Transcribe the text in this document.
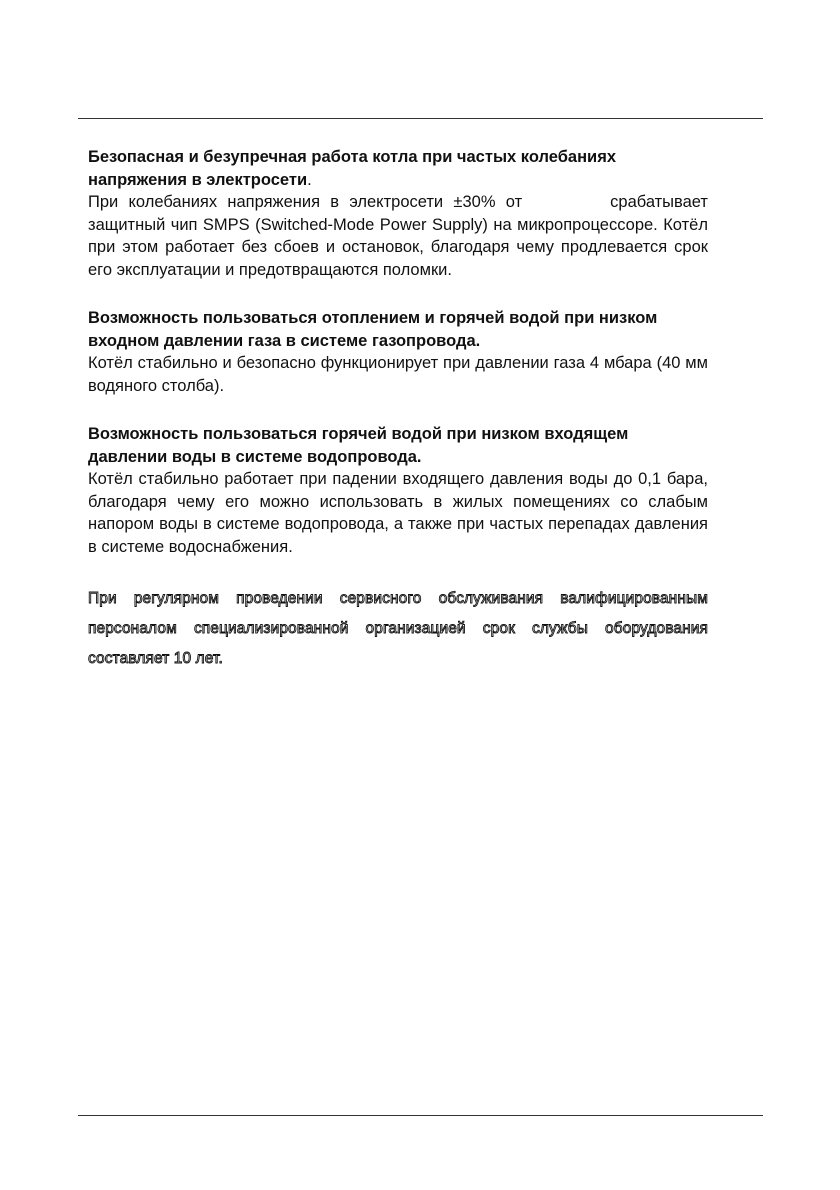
Безопасная и безупречная работа котла при частых колебаниях напряжения в электросети.

При колебаниях напряжения в электросети ±30% от	срабатывает защитный чип SMPS (Switched-Mode Power Supply) на микропроцессоре. Котёл при этом работает без сбоев и остановок, благодаря чему продлевается срок его эксплуатации и предотвращаются поломки.

Возможность пользоваться отоплением и горячей водой при низком входном давлении газа в системе газопровода.

Котёл стабильно и безопасно функционирует при давлении газа 4 мбара (40 мм водяного столба).

Возможность пользоваться горячей водой при низком входящем давлении воды в системе водопровода.

Котёл стабильно работает при падении входящего давления воды до 0,1 бара, благодаря чему его можно использовать в жилых помещениях со слабым напором воды в системе водопровода, а также при частых перепадах давления в системе водоснабжения.

При регулярном проведении сервисного обслуживания валифицированным персоналом специализированной организацией срок службы оборудования составляет 10 лет.
